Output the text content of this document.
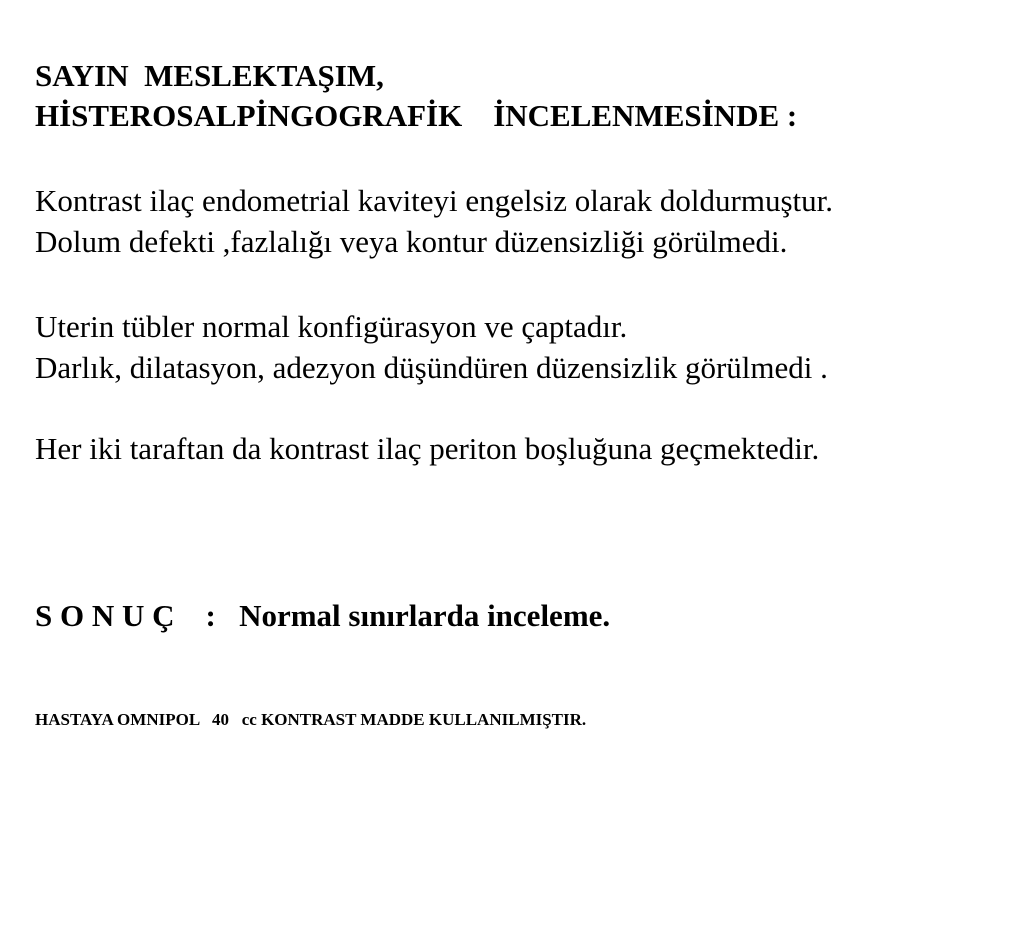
SAYIN  MESLEKTAŞIM,
HİSTEROSALPİNGOGRAFİK    İNCELENMESİNDE :
Kontrast ilaç endometrial kaviteyi engelsiz olarak doldurmuştur.
Dolum defekti ,fazlalığı veya kontur düzensizliği görülmedi.
Uterin tübler normal konfigürasyon ve çaptadır.
Darlık, dilatasyon, adezyon düşündüren düzensizlik görülmedi .
Her iki taraftan da kontrast ilaç periton boşluğuna geçmektedir.
S O N U Ç    :   Normal sınırlarda inceleme.
HASTAYA OMNIPOL   40   cc KONTRAST MADDE KULLANILMIŞTIR.
